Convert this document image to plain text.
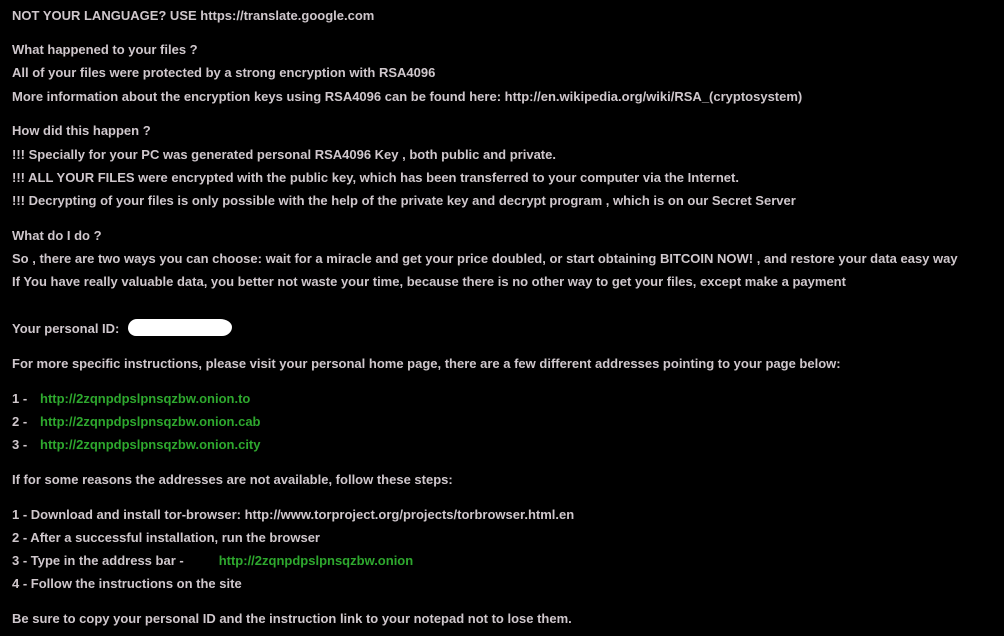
NOT YOUR LANGUAGE? USE https://translate.google.com
What happened to your files ?
All of your files were protected by a strong encryption with RSA4096
More information about the encryption keys using RSA4096 can be found here: http://en.wikipedia.org/wiki/RSA_(cryptosystem)
How did this happen ?
!!! Specially for your PC was generated personal RSA4096 Key , both public and private.
!!! ALL YOUR FILES were encrypted with the public key, which has been transferred to your computer via the Internet.
!!! Decrypting of your files is only possible with the help of the private key and decrypt program , which is on our Secret Server
What do I do ?
So , there are two ways you can choose: wait for a miracle and get your price doubled, or start obtaining BITCOIN NOW! , and restore your data easy way
If You have really valuable data, you better not waste your time, because there is no other way to get your files, except make a payment
Your personal ID:
For more specific instructions, please visit your personal home page, there are a few different addresses pointing to your page below:
1 - http://2zqnpdpslpnsqzbw.onion.to
2 - http://2zqnpdpslpnsqzbw.onion.cab
3 - http://2zqnpdpslpnsqzbw.onion.city
If for some reasons the addresses are not available, follow these steps:
1 - Download and install tor-browser: http://www.torproject.org/projects/torbrowser.html.en
2 - After a successful installation, run the browser
3 - Type in the address bar -	http://2zqnpdpslpnsqzbw.onion
4 - Follow the instructions on the site
Be sure to copy your personal ID and the instruction link to your notepad not to lose them.
